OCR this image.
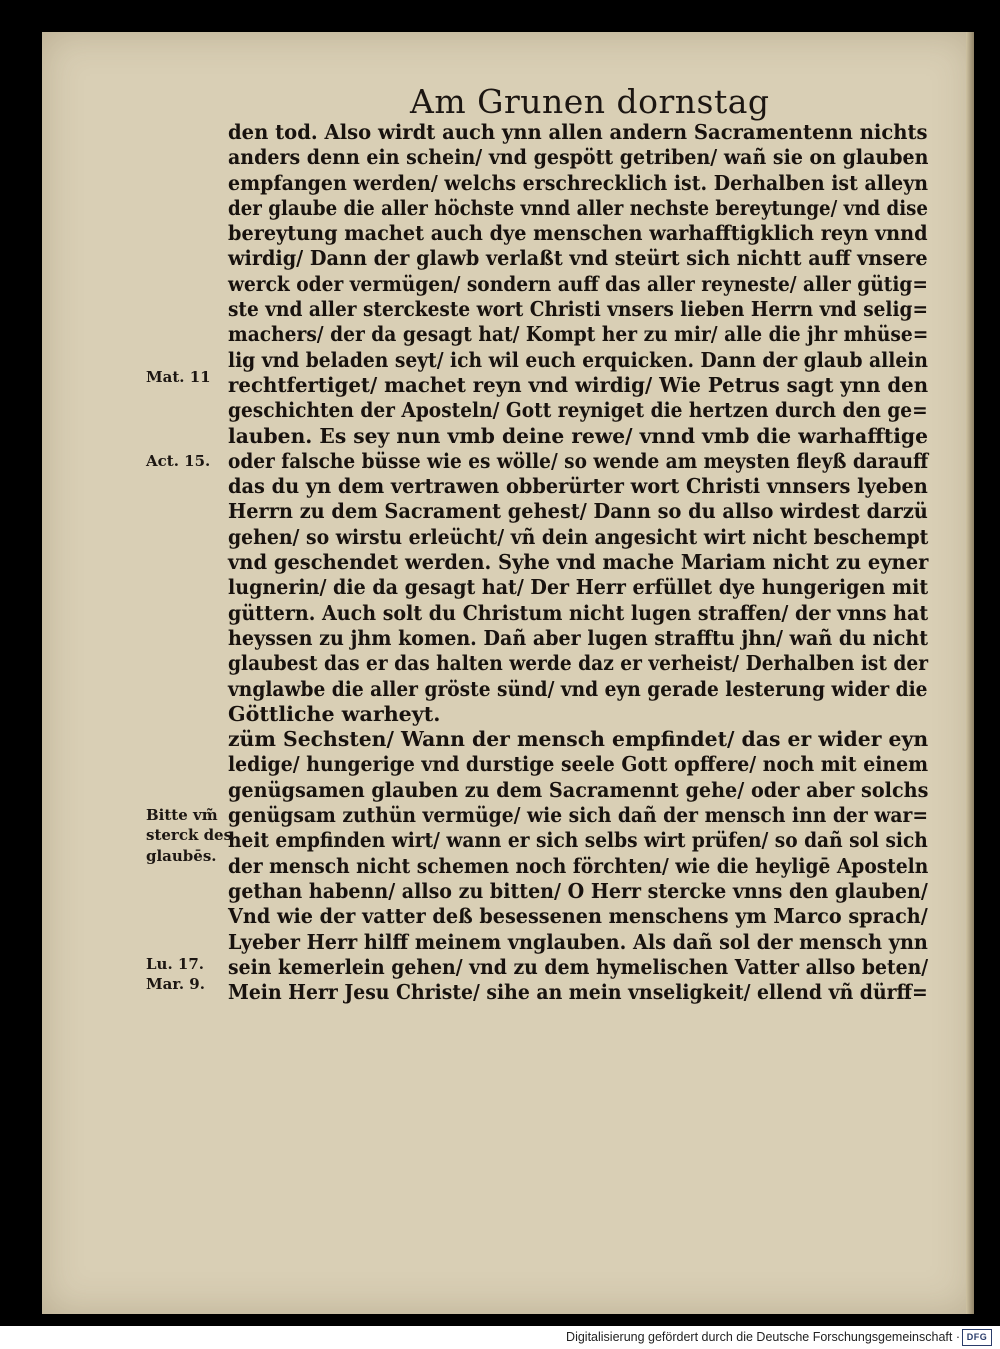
Am Grunen dornstag
den tod. Also wirdt auch ynn allen andern Sacramentenn nichts
anders denn ein schein/ vnd gespött getriben/ wañ sie on glauben
empfangen werden/ welchs erschrecklich ist. Derhalben ist alleyn
der glaube die aller höchste vnnd aller nechste bereytunge/ vnd dise
bereytung machet auch dye menschen warhafftigklich reyn vnnd
wirdig/ Dann der glawb verlaßt vnd steürt sich nichtt auff vnsere
werck oder vermügen/ sondern auff das aller reyneste/ aller gütig=
ste vnd aller sterckeste wort Christi vnsers lieben Herrn vnd selig=
machers/ der da gesagt hat/ Kompt her zu mir/ alle die jhr mhüse=
lig vnd beladen seyt/ ich wil euch erquicken. Dann der glaub allein
rechtfertiget/ machet reyn vnd wirdig/ Wie Petrus sagt ynn den
geschichten der Aposteln/ Gott reyniget die hertzen durch den ge=
lauben. Es sey nun vmb deine rewe/ vnnd vmb die warhafftige
oder falsche büsse wie es wölle/ so wende am meysten fleyß darauff
das du yn dem vertrawen obberürter wort Christi vnnsers lyeben
Herrn zu dem Sacrament gehest/ Dann so du allso wirdest darzü
gehen/ so wirstu erleücht/ vñ dein angesicht wirt nicht beschempt
vnd geschendet werden. Syhe vnd mache Mariam nicht zu eyner
lugnerin/ die da gesagt hat/ Der Herr erfüllet dye hungerigen mit
güttern. Auch solt du Christum nicht lugen straffen/ der vnns hat
heyssen zu jhm komen. Dañ aber lugen strafftu jhn/ wañ du nicht
glaubest das er das halten werde daz er verheist/ Derhalben ist der
vnglawbe die aller gröste sünd/ vnd eyn gerade lesterung wider die
Göttliche warheyt.
züm Sechsten/ Wann der mensch empfindet/ das er wider eyn
ledige/ hungerige vnd durstige seele Gott opffere/ noch mit einem
genügsamen glauben zu dem Sacramennt gehe/ oder aber solchs
genügsam zuthün vermüge/ wie sich dañ der mensch inn der war=
heit empfinden wirt/ wann er sich selbs wirt prüfen/ so dañ sol sich
der mensch nicht schemen noch förchten/ wie die heyligē Aposteln
gethan habenn/ allso zu bitten/ O Herr stercke vnns den glauben/
Vnd wie der vatter deß besessenen menschens ym Marco sprach/
Lyeber Herr hilff meinem vnglauben. Als dañ sol der mensch ynn
sein kemerlein gehen/ vnd zu dem hymelischen Vatter allso beten/
Mein Herr Jesu Christe/ sihe an mein vnseligkeit/ ellend vñ dürff=
Mat. 11
Act. 15.
Bitte vm̃
sterck des
glaubēs.
Lu. 17.
Mar. 9.
Digitalisierung gefördert durch die Deutsche Forschungsgemeinschaft · DFG
